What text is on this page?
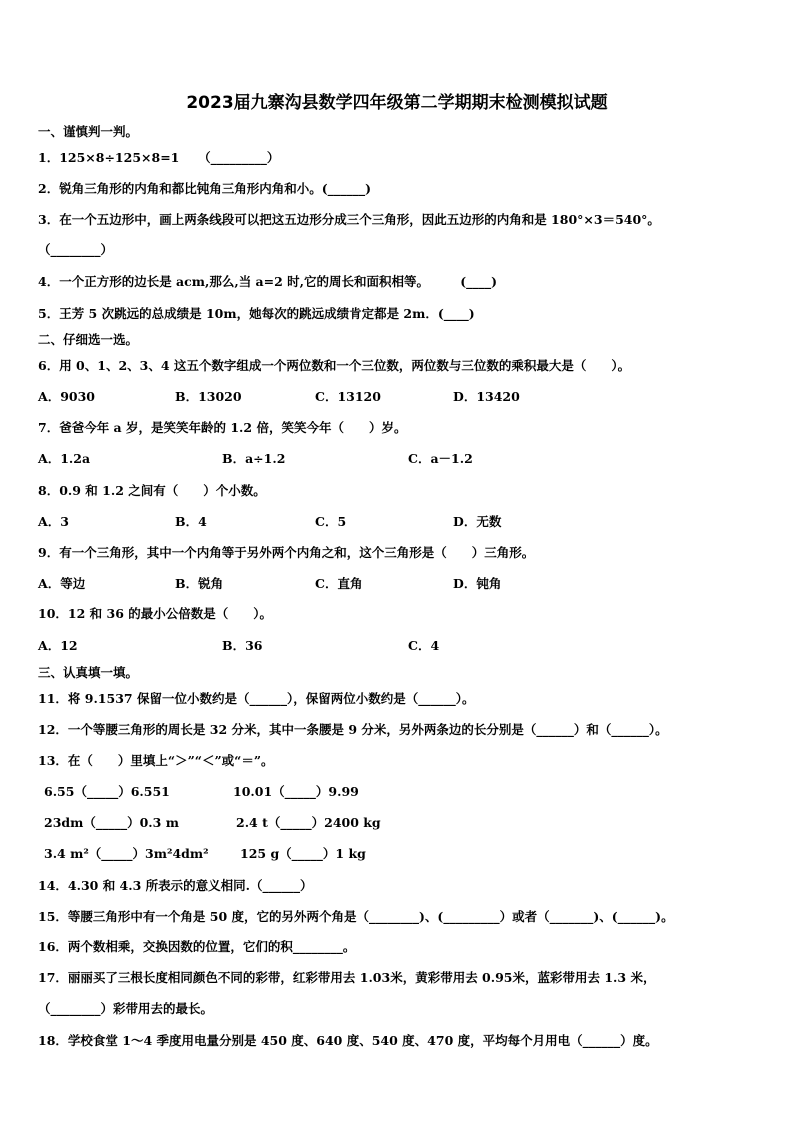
2023届九寨沟县数学四年级第二学期期末检测模拟试题
一、谨慎判一判。
1．125×8÷125×8=1　　（_________）
2．锐角三角形的内角和都比钝角三角形内角和小。(______)
3．在一个五边形中，画上两条线段可以把这五边形分成三个三角形，因此五边形的内角和是 180°×3＝540°。
（________）
4．一个正方形的边长是 acm,那么,当 a=2 时,它的周长和面积相等。　　　(____)
5．王芳 5 次跳远的总成绩是 10m，她每次的跳远成绩肯定都是 2m．(____)
二、仔细选一选。
6．用 0、1、2、3、4 这五个数字组成一个两位数和一个三位数，两位数与三位数的乘积最大是（　　）。
A．9030	B．13020	C．13120	D．13420
7．爸爸今年 a 岁，是笑笑年龄的 1.2 倍，笑笑今年（　　）岁。
A．1.2a	B．a÷1.2	C．a－1.2
8．0.9 和 1.2 之间有（　　）个小数。
A．3	B．4	C．5	D．无数
9．有一个三角形，其中一个内角等于另外两个内角之和，这个三角形是（　　）三角形。
A．等边	B．锐角	C．直角	D．钝角
10．12 和 36 的最小公倍数是（　　）。
A．12	B．36	C．4
三、认真填一填。
11．将 9.1537 保留一位小数约是（______），保留两位小数约是（______）。
12．一个等腰三角形的周长是 32 分米，其中一条腰是 9 分米，另外两条边的长分别是（______）和（______）。
13．在（　　）里填上“＞”“＜”或“＝”。
6.55（_____）6.551	10.01（_____）9.99
23dm（_____）0.3 m	2.4 t（_____）2400 kg
3.4 m²（_____）3m²4dm²	125 g（_____）1 kg
14．4.30 和 4.3 所表示的意义相同.（______）
15．等腰三角形中有一个角是 50 度，它的另外两个角是（________)、(_________）或者（_______)、(______)。
16．两个数相乘，交换因数的位置，它们的积________。
17．丽丽买了三根长度相同颜色不同的彩带，红彩带用去 1.03米，黄彩带用去 0.95米，蓝彩带用去 1.3 米，
（________）彩带用去的最长。
18．学校食堂 1～4 季度用电量分别是 450 度、640 度、540 度、470 度，平均每个月用电（______）度。
